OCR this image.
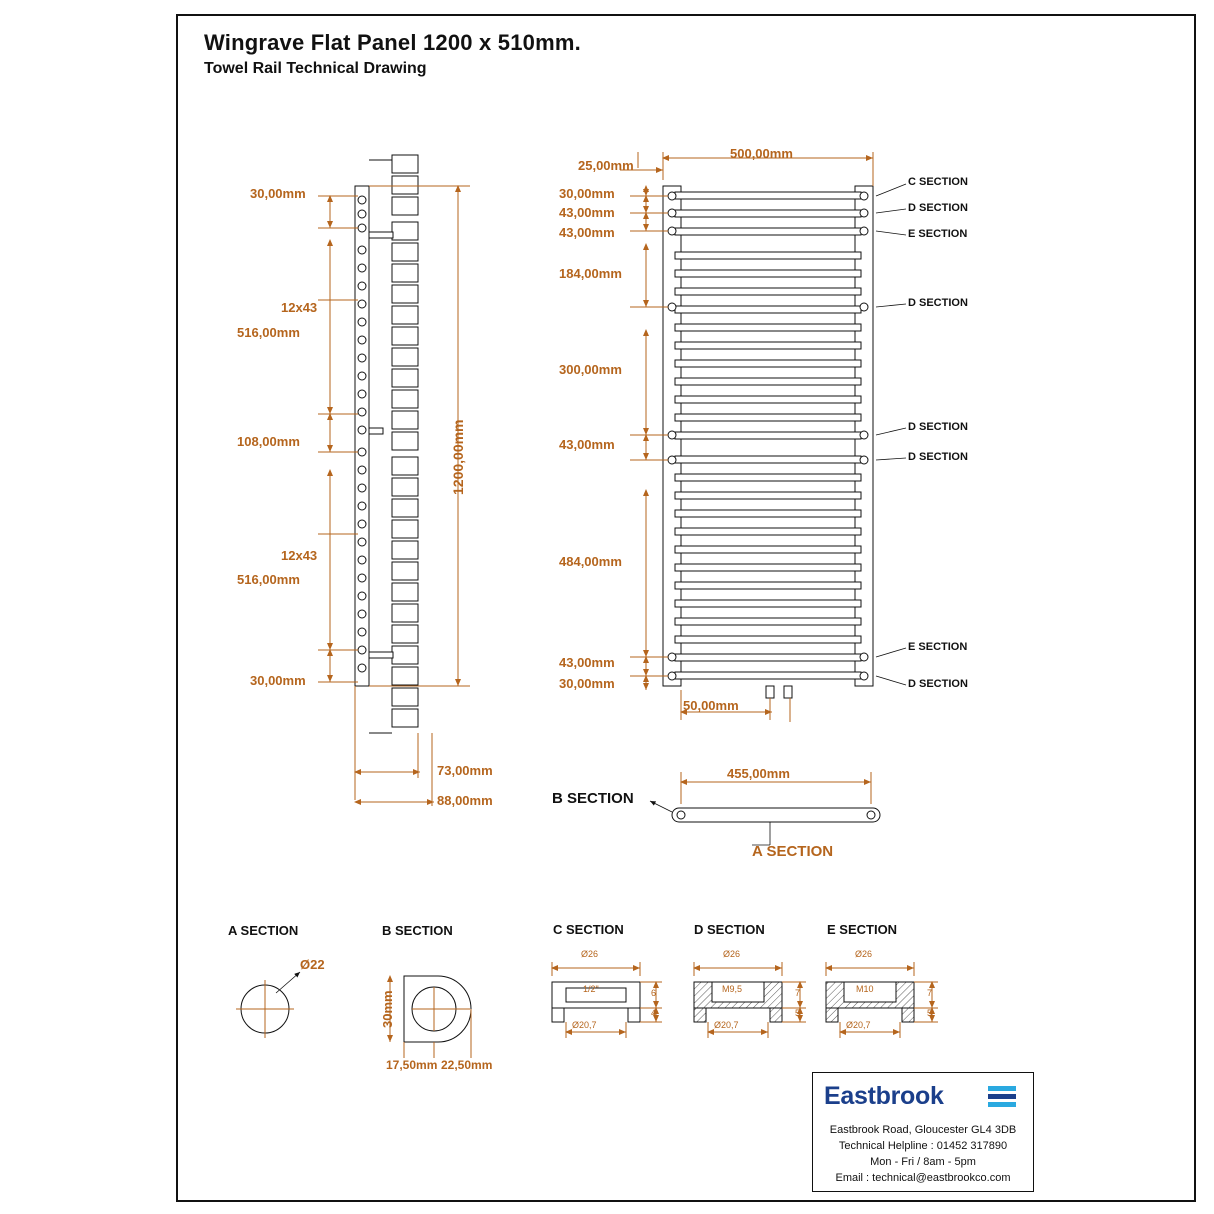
Wingrave Flat Panel 1200 x 510mm.
Towel Rail Technical Drawing
30,00mm
12x43
516,00mm
108,00mm
12x43
516,00mm
30,00mm
1200,00mm
73,00mm
88,00mm
500,00mm
25,00mm
30,00mm
43,00mm
43,00mm
184,00mm
300,00mm
43,00mm
484,00mm
43,00mm
30,00mm
50,00mm
C SECTION
D SECTION
E SECTION
D SECTION
D SECTION
D SECTION
E SECTION
D SECTION
455,00mm
B SECTION
A SECTION
A SECTION	B SECTION	C SECTION	D SECTION	E SECTION
Ø22
30mm
17,50mm 22,50mm
Ø26
1/2"
Ø20,7
6
4
Ø26
M9,5
Ø20,7
7
5
Ø26
M10
Ø20,7
7
5
Eastbrook
Eastbrook Road, Gloucester GL4 3DB
Technical Helpline : 01452 317890
Mon - Fri / 8am - 5pm
Email : technical@eastbrookco.com
